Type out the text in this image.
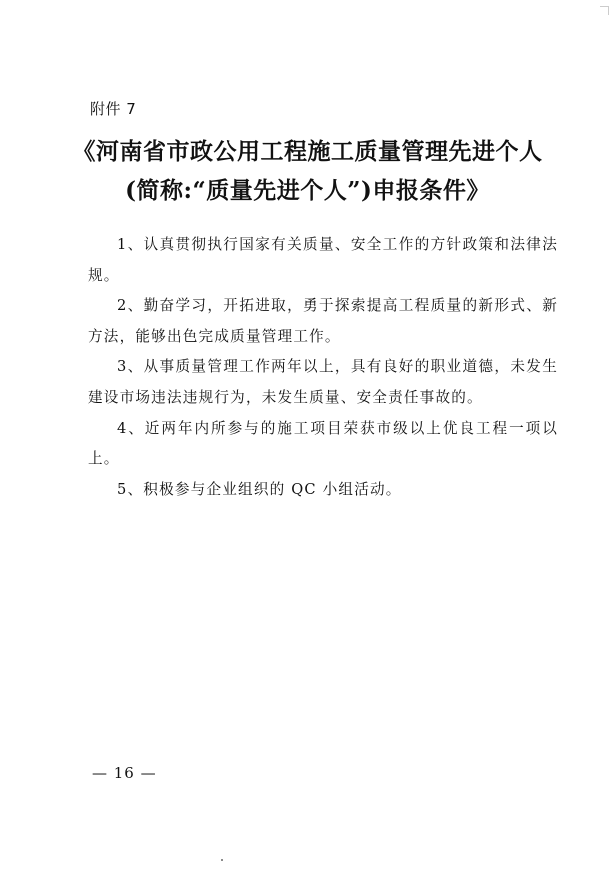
附件 7
《河南省市政公用工程施工质量管理先进个人
(简称:“质量先进个人”)申报条件》

1、认真贯彻执行国家有关质量、安全工作的方针政策和法律法规。

2、勤奋学习，开拓进取，勇于探索提高工程质量的新形式、新方法，能够出色完成质量管理工作。

3、从事质量管理工作两年以上，具有良好的职业道德，未发生建设市场违法违规行为，未发生质量、安全责任事故的。

4、近两年内所参与的施工项目荣获市级以上优良工程一项以上。

5、积极参与企业组织的 QC 小组活动。

— 16 —
